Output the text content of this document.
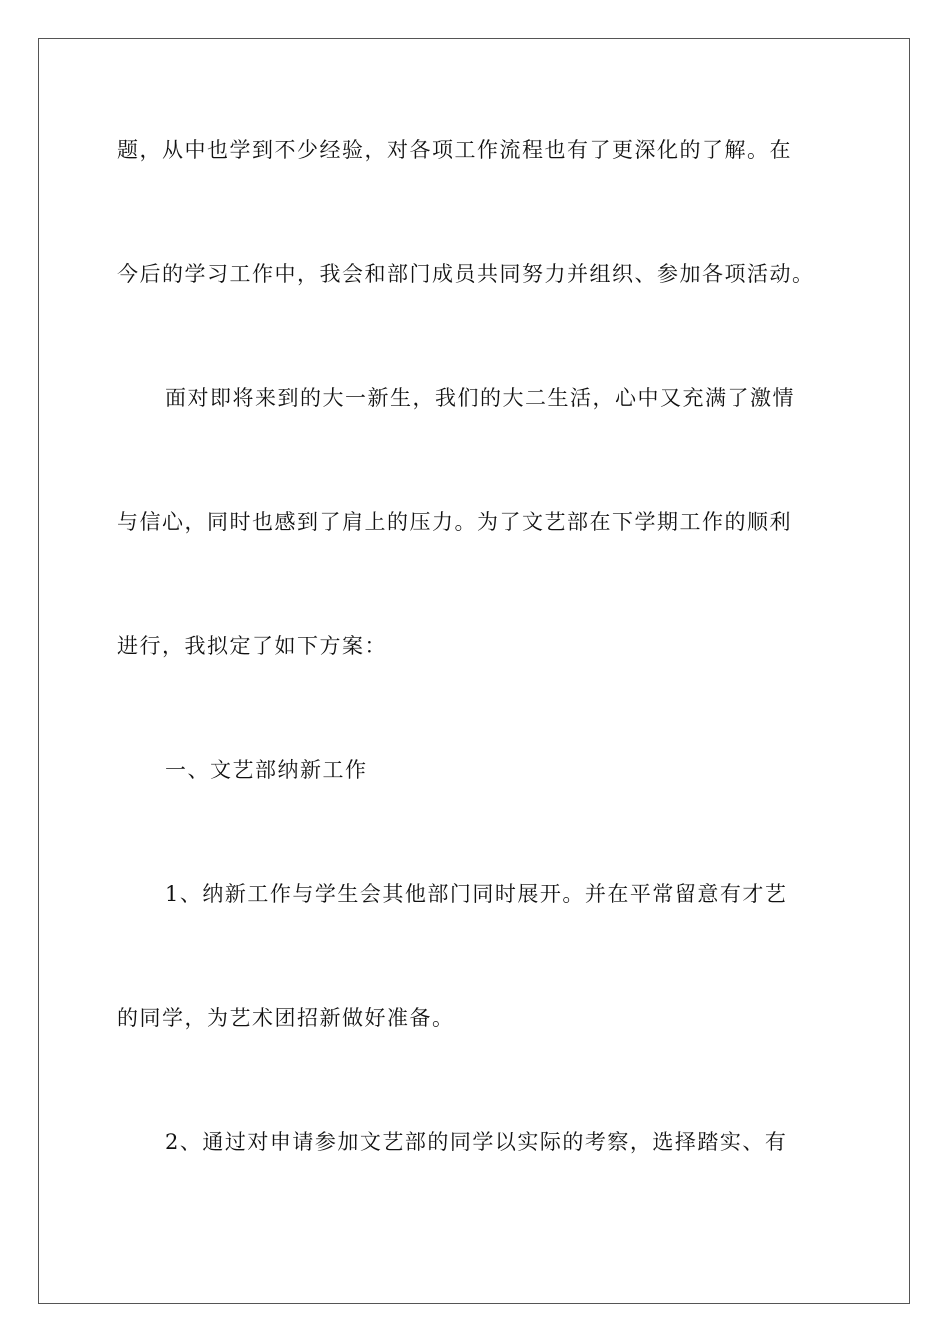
题，从中也学到不少经验，对各项工作流程也有了更深化的了解。在
今后的学习工作中，我会和部门成员共同努力并组织、参加各项活动。
面对即将来到的大一新生，我们的大二生活，心中又充满了激情
与信心，同时也感到了肩上的压力。为了文艺部在下学期工作的顺利
进行，我拟定了如下方案：
一、文艺部纳新工作
1、纳新工作与学生会其他部门同时展开。并在平常留意有才艺
的同学，为艺术团招新做好准备。
2、通过对申请参加文艺部的同学以实际的考察，选择踏实、有
